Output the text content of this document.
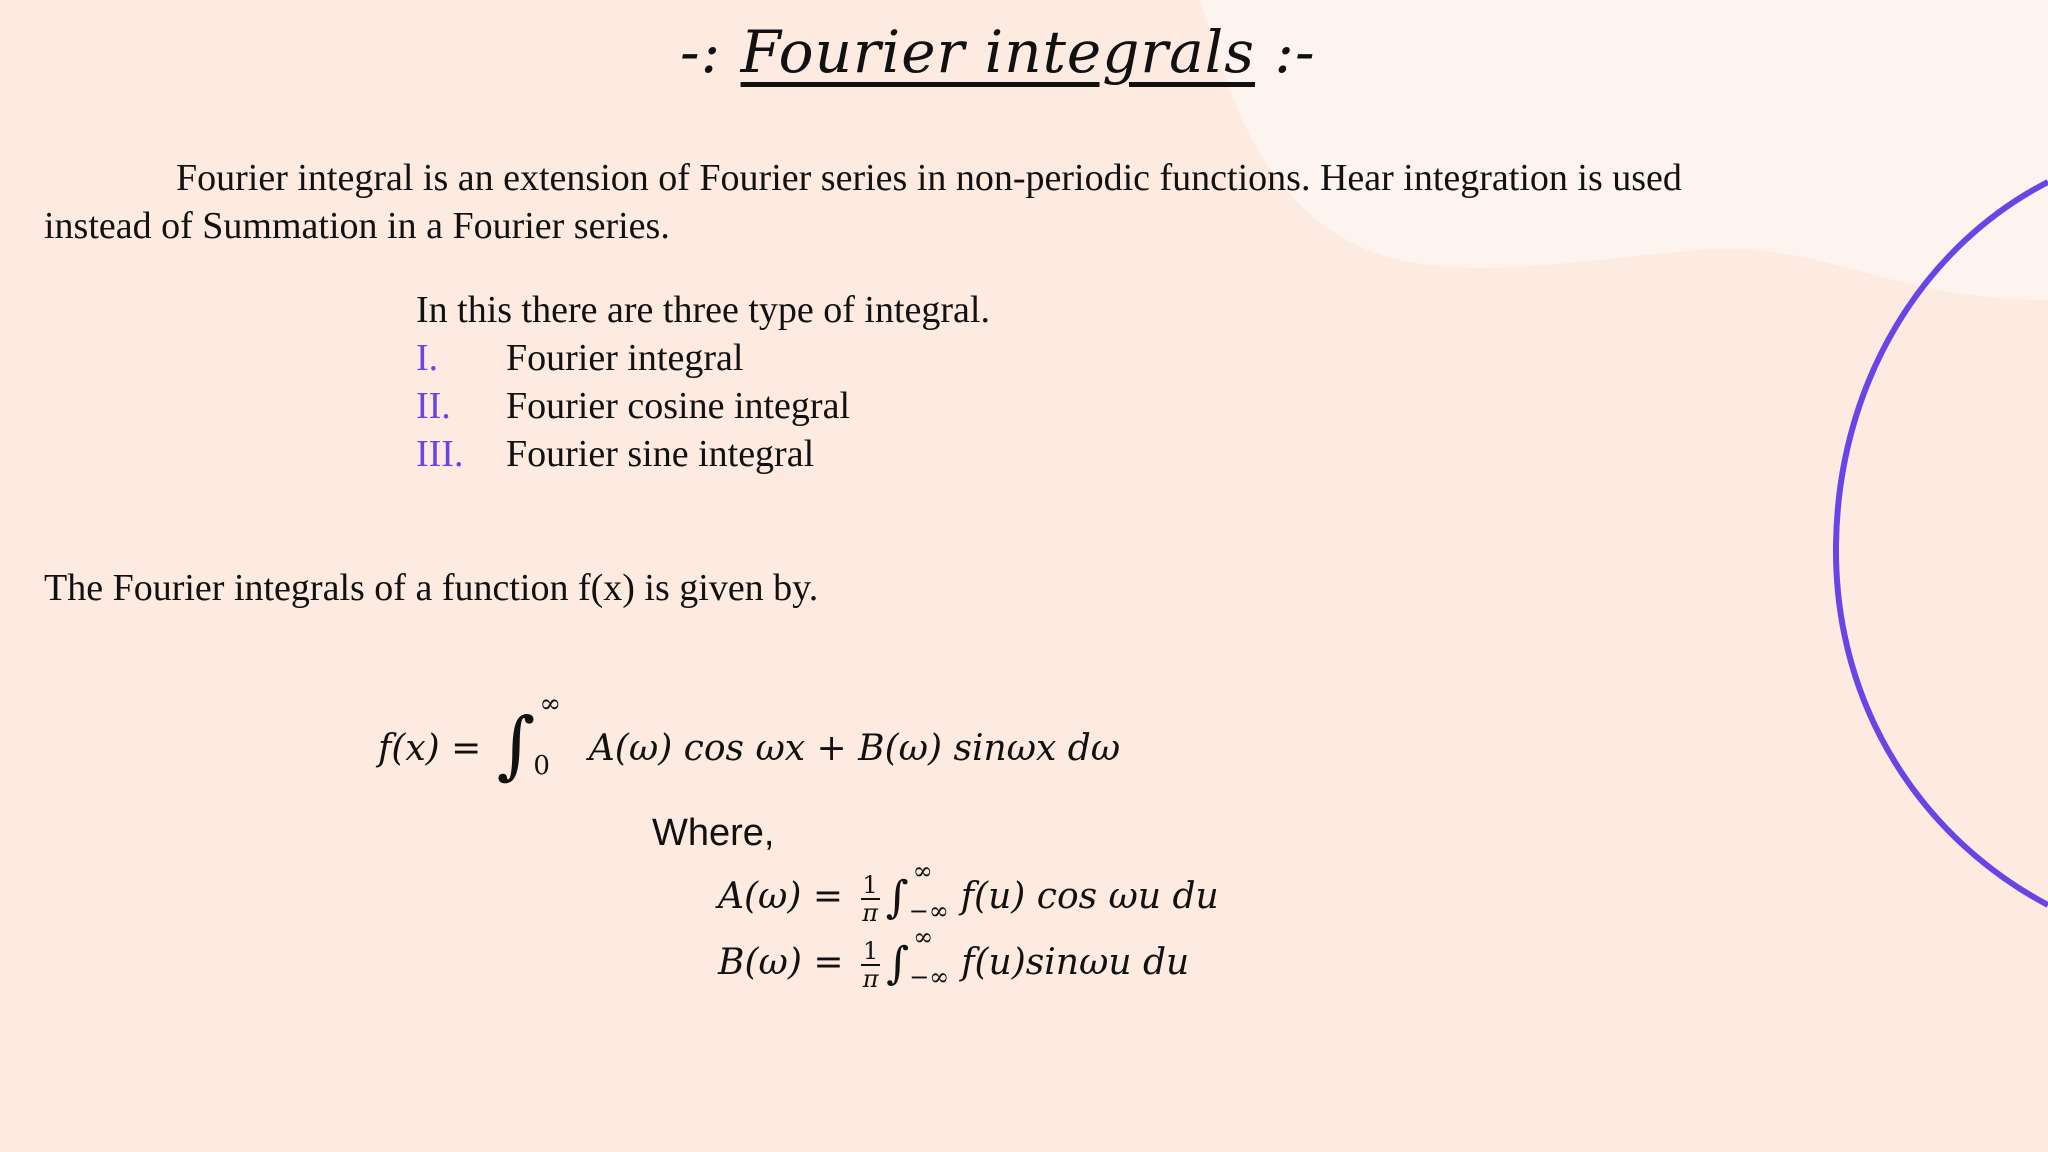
-: Fourier integrals :-
Fourier integral is an extension of Fourier series in non-periodic functions. Hear integration is used instead of Summation in a Fourier series.
In this there are three type of integral.
I. Fourier integral
II. Fourier cosine integral
III. Fourier sine integral
The Fourier integrals of a function f(x) is given by.
f(x) = ∫ ∞
0 A(ω) cos ωx + B(ω) sinωx dω
Where,
$A(\omega) = \frac{1}{\pi}$ ∫
∞
−∞ f(u) cos ωu du
$B(\omega) = \frac{1}{\pi}$ ∫
∞
−∞ f(u)sinωu du
